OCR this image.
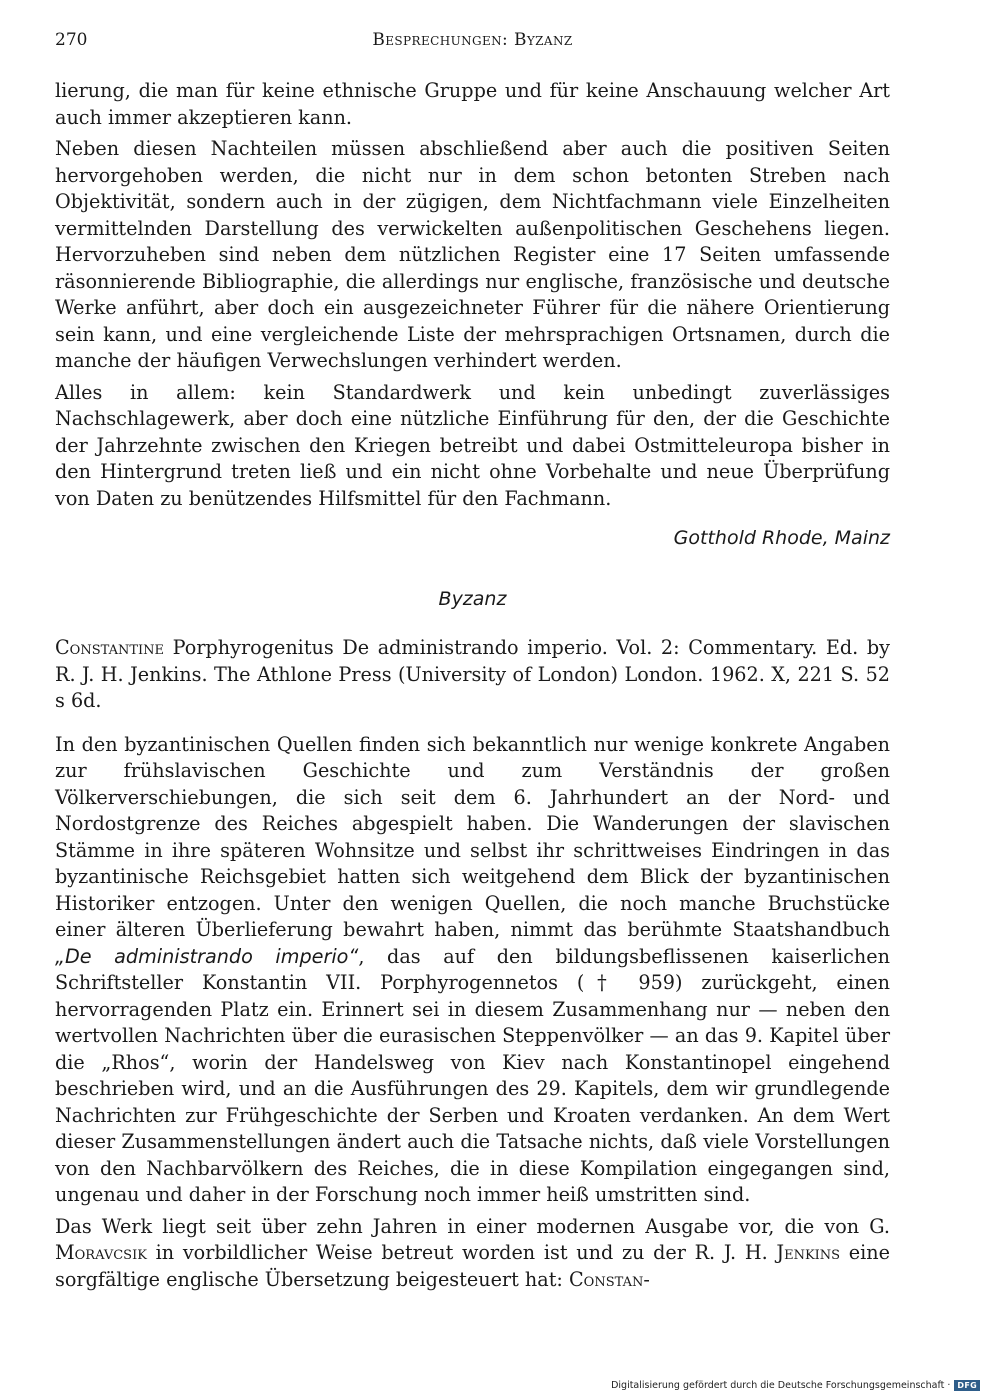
270	Besprechungen: Byzanz

lierung, die man für keine ethnische Gruppe und für keine Anschauung welcher Art auch immer akzeptieren kann.

Neben diesen Nachteilen müssen abschließend aber auch die positiven Seiten hervorgehoben werden, die nicht nur in dem schon betonten Streben nach Objektivität, sondern auch in der zügigen, dem Nichtfachmann viele Einzelheiten vermittelnden Darstellung des verwickelten außenpolitischen Geschehens liegen. Hervorzuheben sind neben dem nützlichen Register eine 17 Seiten umfassende räsonnierende Bibliographie, die allerdings nur englische, französische und deutsche Werke anführt, aber doch ein ausgezeichneter Führer für die nähere Orientierung sein kann, und eine vergleichende Liste der mehrsprachigen Ortsnamen, durch die manche der häufigen Verwechslungen verhindert werden.

Alles in allem: kein Standardwerk und kein unbedingt zuverlässiges Nachschlagewerk, aber doch eine nützliche Einführung für den, der die Geschichte der Jahrzehnte zwischen den Kriegen betreibt und dabei Ostmitteleuropa bisher in den Hintergrund treten ließ und ein nicht ohne Vorbehalte und neue Überprüfung von Daten zu benützendes Hilfsmittel für den Fachmann.

Gotthold Rhode, Mainz
Byzanz

Constantine Porphyrogenitus De administrando imperio. Vol. 2: Commentary. Ed. by R. J. H. Jenkins. The Athlone Press (University of London) London. 1962. X, 221 S. 52 s 6d.

In den byzantinischen Quellen finden sich bekanntlich nur wenige konkrete Angaben zur frühslavischen Geschichte und zum Verständnis der großen Völkerverschiebungen, die sich seit dem 6. Jahrhundert an der Nord- und Nordostgrenze des Reiches abgespielt haben. Die Wanderungen der slavischen Stämme in ihre späteren Wohnsitze und selbst ihr schrittweises Eindringen in das byzantinische Reichsgebiet hatten sich weitgehend dem Blick der byzantinischen Historiker entzogen. Unter den wenigen Quellen, die noch manche Bruchstücke einer älteren Überlieferung bewahrt haben, nimmt das berühmte Staatshandbuch „De administrando imperio“, das auf den bildungsbeflissenen kaiserlichen Schriftsteller Konstantin VII. Porphyrogennetos († 959) zurückgeht, einen hervorragenden Platz ein. Erinnert sei in diesem Zusammenhang nur — neben den wertvollen Nachrichten über die eurasischen Steppenvölker — an das 9. Kapitel über die „Rhos“, worin der Handelsweg von Kiev nach Konstantinopel eingehend beschrieben wird, und an die Ausführungen des 29. Kapitels, dem wir grundlegende Nachrichten zur Frühgeschichte der Serben und Kroaten verdanken. An dem Wert dieser Zusammenstellungen ändert auch die Tatsache nichts, daß viele Vorstellungen von den Nachbarvölkern des Reiches, die in diese Kompilation eingegangen sind, ungenau und daher in der Forschung noch immer heiß umstritten sind.

Das Werk liegt seit über zehn Jahren in einer modernen Ausgabe vor, die von G. Moravcsik in vorbildlicher Weise betreut worden ist und zu der R. J. H. Jenkins eine sorgfältige englische Übersetzung beigesteuert hat: Constan-

Digitalisierung gefördert durch die Deutsche Forschungsgemeinschaft · DFG
